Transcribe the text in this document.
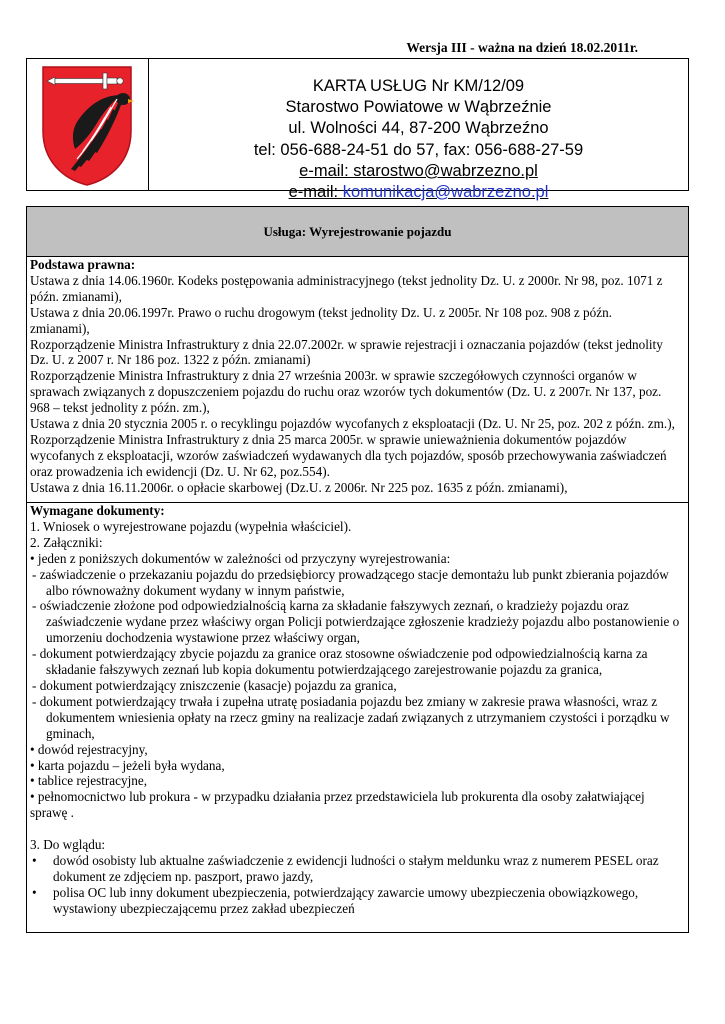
Wersja III - ważna na dzień 18.02.2011r.
KARTA USŁUG Nr KM/12/09
Starostwo Powiatowe w Wąbrzeźnie
ul. Wolności 44, 87-200 Wąbrzeźno
tel: 056-688-24-51 do 57, fax: 056-688-27-59
e-mail: starostwo@wabrzezno.pl
e-mail: komunikacja@wabrzezno.pl
Usługa: Wyrejestrowanie pojazdu
Podstawa prawna:
Ustawa z dnia 14.06.1960r. Kodeks postępowania administracyjnego (tekst jednolity Dz. U. z 2000r. Nr 98, poz. 1071 z
późn. zmianami),
Ustawa z dnia 20.06.1997r. Prawo o ruchu drogowym (tekst jednolity Dz. U. z 2005r. Nr 108 poz. 908 z późn.
zmianami),
Rozporządzenie Ministra Infrastruktury z dnia 22.07.2002r. w sprawie rejestracji i oznaczania pojazdów (tekst jednolity
Dz. U. z 2007 r. Nr 186 poz. 1322 z późn. zmianami)
Rozporządzenie Ministra Infrastruktury z dnia 27 września 2003r. w sprawie szczegółowych czynności organów w
sprawach związanych z dopuszczeniem pojazdu do ruchu oraz wzorów tych dokumentów (Dz. U. z 2007r. Nr 137, poz.
968 – tekst jednolity z późn. zm.),
Ustawa z dnia 20 stycznia 2005 r. o recyklingu pojazdów wycofanych z eksploatacji (Dz. U. Nr 25, poz. 202 z późn. zm.),
Rozporządzenie Ministra Infrastruktury z dnia 25 marca 2005r. w sprawie unieważnienia dokumentów pojazdów
wycofanych z eksploatacji, wzorów zaświadczeń wydawanych dla tych pojazdów, sposób przechowywania zaświadczeń
oraz prowadzenia ich ewidencji (Dz. U. Nr 62, poz.554).
Ustawa z dnia 16.11.2006r. o opłacie skarbowej (Dz.U. z 2006r. Nr 225 poz. 1635 z późn. zmianami),
Wymagane dokumenty:
1. Wniosek o wyrejestrowane pojazdu (wypełnia właściciel).
2. Załączniki:
• jeden z poniższych dokumentów w zależności od przyczyny wyrejestrowania:
- zaświadczenie o przekazaniu pojazdu do przedsiębiorcy prowadzącego stacje demontażu lub punkt zbierania pojazdów albo równoważny dokument wydany w innym państwie,
- oświadczenie złożone pod odpowiedzialnością karna za składanie fałszywych zeznań, o kradzieży pojazdu oraz zaświadczenie wydane przez właściwy organ Policji potwierdzające zgłoszenie kradzieży pojazdu albo postanowienie o umorzeniu dochodzenia wystawione przez właściwy organ,
- dokument potwierdzający zbycie pojazdu za granice oraz stosowne oświadczenie pod odpowiedzialnością karna za składanie fałszywych zeznań lub kopia dokumentu potwierdzającego zarejestrowanie pojazdu za granica,
- dokument potwierdzający zniszczenie (kasacje) pojazdu za granica,
- dokument potwierdzający trwała i zupełna utratę posiadania pojazdu bez zmiany w zakresie prawa własności, wraz z dokumentem wniesienia opłaty na rzecz gminy na realizacje zadań związanych z utrzymaniem czystości i porządku w gminach,
• dowód rejestracyjny,
• karta pojazdu – jeżeli była wydana,
• tablice rejestracyjne,
• pełnomocnictwo lub prokura - w przypadku działania przez przedstawiciela lub prokurenta dla osoby załatwiającej sprawę .
3. Do wglądu:
• dowód osobisty lub aktualne zaświadczenie z ewidencji ludności o stałym meldunku wraz z numerem PESEL oraz dokument ze zdjęciem np. paszport, prawo jazdy,
• polisa OC lub inny dokument ubezpieczenia, potwierdzający zawarcie umowy ubezpieczenia obowiązkowego, wystawiony ubezpieczającemu przez zakład ubezpieczeń
